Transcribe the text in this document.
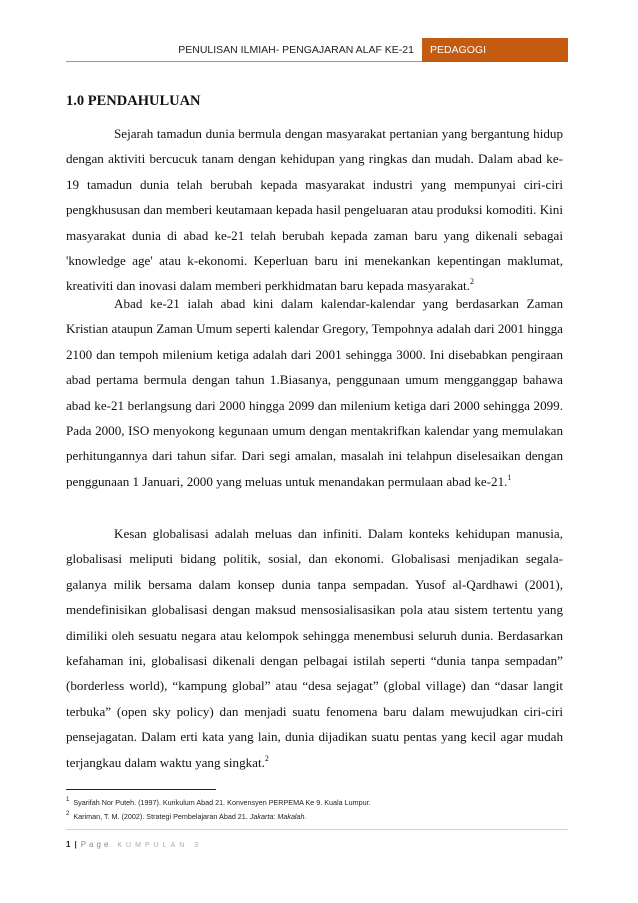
PENULISAN ILMIAH- PENGAJARAN ALAF KE-21	PEDAGOGI
1.0 PENDAHULUAN

Sejarah tamadun dunia bermula dengan masyarakat pertanian yang bergantung hidup dengan aktiviti bercucuk tanam dengan kehidupan yang ringkas dan mudah. Dalam abad ke-19 tamadun dunia telah berubah kepada masyarakat industri yang mempunyai ciri-ciri pengkhususan dan memberi keutamaan kepada hasil pengeluaran atau produksi komoditi. Kini masyarakat dunia di abad ke-21 telah berubah kepada zaman baru yang dikenali sebagai 'knowledge age' atau k-ekonomi. Keperluan baru ini menekankan kepentingan maklumat, kreativiti dan inovasi dalam memberi perkhidmatan baru kepada masyarakat.$^2$

Abad ke-21 ialah abad kini dalam kalendar-kalendar yang berdasarkan Zaman Kristian ataupun Zaman Umum seperti kalendar Gregory, Tempohnya adalah dari 2001 hingga 2100 dan tempoh milenium ketiga adalah dari 2001 sehingga 3000. Ini disebabkan pengiraan abad pertama bermula dengan tahun 1.Biasanya, penggunaan umum mengganggap bahawa abad ke-21 berlangsung dari 2000 hingga 2099 dan milenium ketiga dari 2000 sehingga 2099. Pada 2000, ISO menyokong kegunaan umum dengan mentakrifkan kalendar yang memulakan perhitungannya dari tahun sifar. Dari segi amalan, masalah ini telahpun diselesaikan dengan penggunaan 1 Januari, 2000 yang meluas untuk menandakan permulaan abad ke-21.$^1$

Kesan globalisasi adalah meluas dan infiniti. Dalam konteks kehidupan manusia, globalisasi meliputi bidang politik, sosial, dan ekonomi. Globalisasi menjadikan segala-galanya milik bersama dalam konsep dunia tanpa sempadan. Yusof al-Qardhawi (2001), mendefinisikan globalisasi dengan maksud mensosialisasikan pola atau sistem tertentu yang dimiliki oleh sesuatu negara atau kelompok sehingga menembusi seluruh dunia. Berdasarkan kefahaman ini, globalisasi dikenali dengan pelbagai istilah seperti “dunia tanpa sempadan” (borderless world), “kampung global” atau “desa sejagat” (global village) dan “dasar langit terbuka” (open sky policy) dan menjadi suatu fenomena baru dalam mewujudkan ciri-ciri pensejagatan. Dalam erti kata yang lain, dunia dijadikan suatu pentas yang kecil agar mudah terjangkau dalam waktu yang singkat.$^2$

$^1$ Syarifah Nor Puteh. (1997). Kurikulum Abad 21. Konvensyen PERPEMA Ke 9. Kuala Lumpur.
$^2$ Kariman, T. M. (2002). Strategi Pembelajaran Abad 21. Jakarta: Makalah.
1 | Page KUMPULAN 3
